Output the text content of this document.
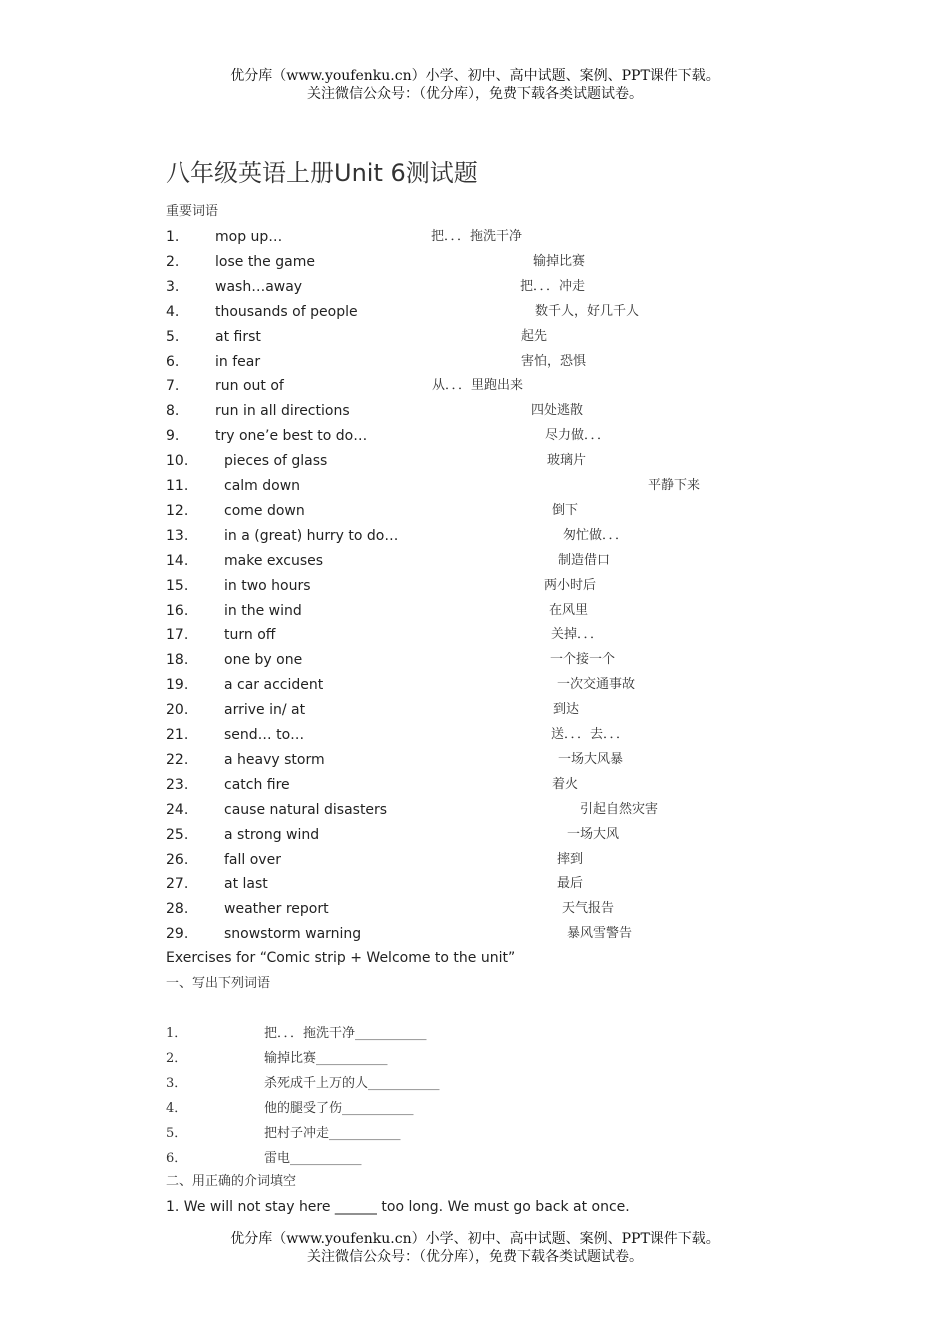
优分库（www.youfenku.cn）小学、初中、高中试题、案例、PPT课件下载。
关注微信公众号：（优分库），免费下载各类试题试卷。
八年级英语上册Unit 6测试题
重要词语
1.	mop up…	把．．．拖洗干净
2.	lose the game	输掉比赛
3.	wash…away	把．．．冲走
4.	thousands of people	数千人，好几千人
5.	at first	起先
6.	in fear	害怕，恐惧
7.	run out of	从．．．里跑出来
8.	run in all directions	四处逃散
9.	try one’e best to do…	尽力做．．．
10.	pieces of glass	玻璃片
11.	calm down	平静下来
12.	come down	倒下
13.	in a (great) hurry to do…	匆忙做．．．
14.	make excuses	制造借口
15.	in two hours	两小时后
16.	in the wind	在风里
17.	turn off	关掉．．．
18.	one by one	一个接一个
19.	a car accident	一次交通事故
20.	arrive in/ at	到达
21.	send… to…	送．．．去．．．
22.	a heavy storm	一场大风暴
23.	catch fire	着火
24.	cause natural disasters	引起自然灾害
25.	a strong wind	一场大风
26.	fall over	摔到
27.	at last	最后
28.	weather report	天气报告
29.	snowstorm warning	暴风雪警告
Exercises for “Comic strip + Welcome to the unit”
一、写出下列词语
1．	把．．．拖洗干净___________
2．	输掉比赛___________
3．	杀死成千上万的人___________
4．	他的腿受了伤___________
5．	把村子冲走___________
6．	雷电___________
二、用正确的介词填空
1. We will not stay here ______ too long. We must go back at once.
优分库（www.youfenku.cn）小学、初中、高中试题、案例、PPT课件下载。
关注微信公众号：（优分库），免费下载各类试题试卷。
